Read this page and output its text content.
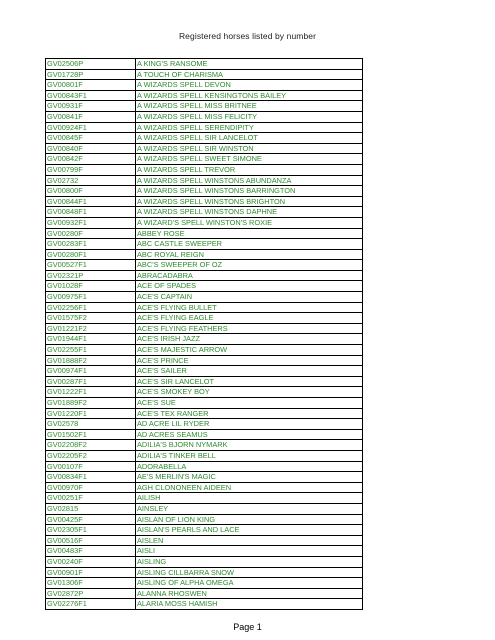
Registered horses listed by number
GV02506P	A KING'S RANSOME
GV01728P	A TOUCH OF CHARISMA
GV00801F	A WIZARDS SPELL DEVON
GV00843F1	A WIZARDS SPELL KENSINGTONS BAILEY
GV00931F	A WIZARDS SPELL MISS BRITNEE
GV00841F	A WIZARDS SPELL MISS FELICITY
GV00924F1	A WIZARDS SPELL SERENDIPITY
GV00845F	A WIZARDS SPELL SIR LANCELOT
GV00840F	A WIZARDS SPELL SIR WINSTON
GV00842F	A WIZARDS SPELL SWEET SIMONE
GV00799F	A WIZARDS SPELL TREVOR
GV02732	A WIZARDS SPELL WINSTONS ABUNDANZA
GV00800F	A WIZARDS SPELL WINSTONS BARRINGTON
GV00844F1	A WIZARDS SPELL WINSTONS BRIGHTON
GV00848F1	A WIZARDS SPELL WINSTONS DAPHNE
GV00932F1	A WIZARD'S SPELL WINSTON'S ROXIE
GV00280F	ABBEY ROSE
GV00283F1	ABC CASTLE SWEEPER
GV00280F1	ABC ROYAL REIGN
GV00527F1	ABC'S SWEEPER OF OZ
GV02321P	ABRACADABRA
GV01028F	ACE OF SPADES
GV00975F1	ACE'S CAPTAIN
GV02256F1	ACE'S FLYING BULLET
GV01575F2	ACE'S FLYING EAGLE
GV01221F2	ACE'S FLYING FEATHERS
GV01944F1	ACE'S IRISH JAZZ
GV02255F1	ACE'S MAJESTIC ARROW
GV01888F2	ACE'S PRINCE
GV00974F1	ACE'S SAILER
GV00287F1	ACE'S SIR LANCELOT
GV01222F1	ACE'S SMOKEY BOY
GV01889F2	ACE'S SUE
GV01220F1	ACE'S TEX RANGER
GV02578	AD ACRE LIL RYDER
GV01502F1	AD ACRES SEAMUS
GV02208F2	ADILIA'S BJORN NYMARK
GV02205F2	ADILIA'S TINKER BELL
GV00107F	ADORABELLA
GV00834F1	AE'S MERLIN'S MAGIC
GV00970F	AGH CLONONEEN AIDEEN
GV00251F	AILISH
GV02815	AINSLEY
GV00425F	AISLAN OF LION KING
GV02305F1	AISLAN'S PEARLS AND LACE
GV00516F	AISLEN
GV00483F	AISLI
GV00240F	AISLING
GV00901F	AISLING CILLBARRA SNOW
GV01306F	AISLING OF ALPHA OMEGA
GV02872P	ALANNA RHOSWEN
GV02276F1	ALARIA MOSS HAMISH
Page 1
